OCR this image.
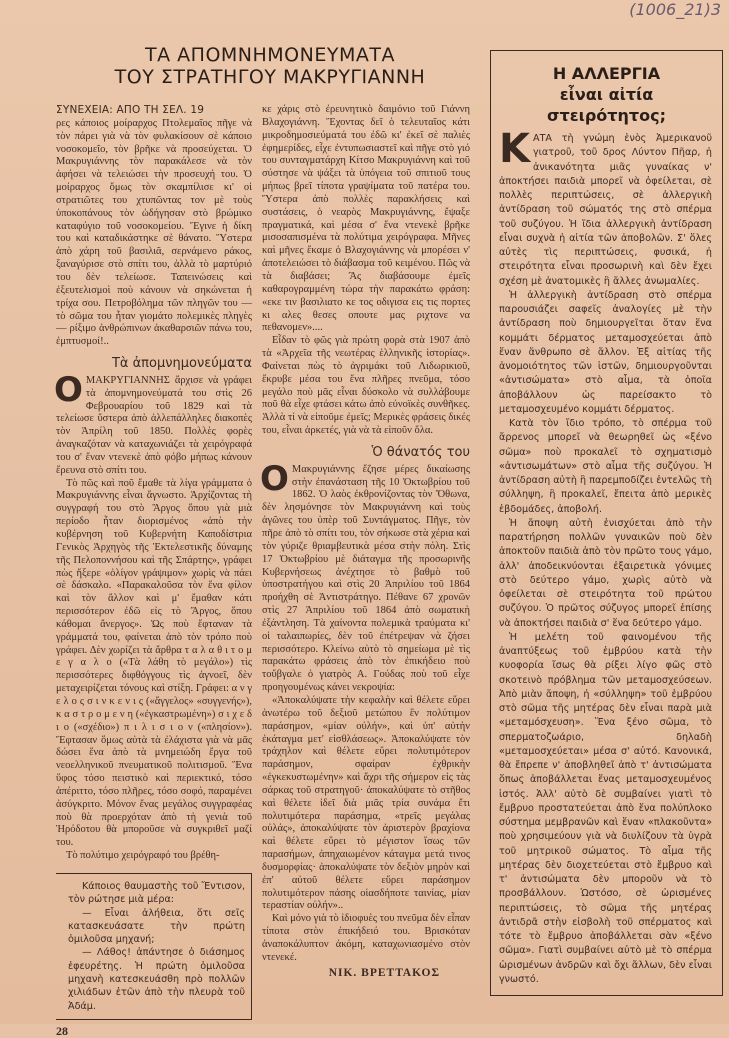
(1006_21)3
ΤΑ ΑΠΟΜΝΗΜΟΝΕΥΜΑΤΑ
ΤΟΥ ΣΤΡΑΤΗΓΟΥ ΜΑΚΡΥΓΙΑΝΝΗ
ΣΥΝΕΧΕΙΑ: ΑΠΟ ΤΗ ΣΕΛ. 19

ρες κάποιος μοίραρχος Πτολεμαῖος πῆγε νὰ τὸν πάρει γιὰ νὰ τὸν φυλακίσουν σὲ κάποιο νοσοκομεῖο, τὸν βρῆκε νὰ προσεύχεται. Ὁ Μακρυγιάννης τὸν παρακάλεσε νὰ τὸν ἀφήσει νὰ τελειώσει τὴν προσευχή του. Ὁ μοίραρχος ὅμως τὸν σκαμπίλισε κι' οἱ στρατιῶτες του χτυπῶντας τον μὲ τοὺς ὑποκοπάνους τὸν ὡδήγησαν στὸ βρώμικο καταφύγιο τοῦ νοσοκομείου. Ἔγινε ἡ δίκη του καὶ καταδικάστηκε σὲ θάνατο. Ὕστερα ἀπὸ χάρη τοῦ βασιλιᾶ, σερνάμενο ράκος, ξαναγύρισε στὸ σπίτι του, ἀλλὰ τὸ μαρτύριό του δὲν τελείωσε. Ταπεινώσεις καὶ ἐξευτελισμοὶ ποὺ κάνουν νὰ σηκώνεται ἡ τρίχα σου. Πετροβόλημα τῶν πληγῶν του — τὸ σῶμα του ἦταν γιομάτο πολεμικὲς πληγὲς — ρίξιμο ἀνθρώπινων ἀκαθαρσιῶν πάνω του, ἐμπτυσμοί!..

Τὰ ἀπομνημονεύματα

ΟΜΑΚΡΥΓΙΑΝΝΗΣ ἄρχισε νὰ γράφει τὰ ἀπομνημονεύματά του στὶς 26 Φεβρουαρίου τοῦ 1829 καὶ τὰ τελείωσε ὕστερα ἀπὸ ἀλλεπάλληλες διακοπὲς τὸν Ἀπρίλη τοῦ 1850. Πολλὲς φορὲς ἀναγκαζόταν νὰ καταχωνιάζει τὰ χειρόγραφά του σ' ἕναν ντενεκὲ ἀπὸ φόβο μήπως κάνουν ἔρευνα στὸ σπίτι του.

Τὸ πῶς καὶ ποῦ ἔμαθε τὰ λίγα γράμματα ὁ Μακρυγιάννης εἶναι ἄγνωστο. Ἀρχίζοντας τὴ συγγραφή του στὸ Ἄργος ὅπου γιὰ μιὰ περίοδο ἦταν διορισμένος «ἀπὸ τὴν κυβέρνηση τοῦ Κυβερνήτη Καποδίστρια Γενικὸς Ἀρχηγὸς τῆς Ἐκτελεστικῆς δύναμης τῆς Πελοποννήσου καὶ τῆς Σπάρτης», γράφει πὼς ἤξερε «ὀλίγον γράψιμον» χωρὶς νὰ πάει σὲ δάσκαλο. «Παρακαλοῦσα τὸν ἕνα φίλον καὶ τὸν ἄλλον καὶ μ' ἔμαθαν κάτι περισσότερον ἐδῶ εἰς τὸ Ἄργος, ὅπου κάθομαι ἄνεργος». Ὡς ποὺ ἔφταναν τὰ γράμματά του, φαίνεται ἀπὸ τὸν τρόπο ποὺ γράφει. Δὲν χωρίζει τὰ ἄρθρα τ α λ α θ ι τ ο μ ε γ α λ ο («Τὰ λάθη τὸ μεγάλο») τὶς περισσότερες διφθόγγους τὶς ἀγνοεῖ, δὲν μεταχειρίζεται τόνους καὶ στίξη. Γράφει: α ν γ ε λ ο ς σ ι ν κ ε ν ι ς («ἄγγελος» «συγγενής»), κ α σ τ ρ ο μ ε ν η («ἐγκαστρωμένη») σ ι χ ε δ ι ο («σχέδιο») π ι λ ι σ ι ο ν («πλησίον»). Ἔφτασαν ὅμως αὐτὰ τὰ ἐλάχιστα γιὰ νὰ μᾶς δώσει ἕνα ἀπὸ τὰ μνημειώδη ἔργα τοῦ νεοελληνικοῦ πνευματικοῦ πολιτισμοῦ. Ἕνα ὕφος τόσο πειστικὸ καὶ περιεκτικό, τόσο ἀπέριττο, τόσο πλῆρες, τόσο σοφό, παραμένει ἀσύγκριτο. Μόνον ἕνας μεγάλος συγγραφέας ποὺ θὰ προερχόταν ἀπὸ τὴ γενιὰ τοῦ Ἡρόδοτου θὰ μποροῦσε νὰ συγκριθεῖ μαζί του.

Τὸ πολύτιμο χειρόγραφό του βρέθη-

Κάποιος θαυμαστὴς τοῦ Ἔντισον, τὸν ρώτησε μιὰ μέρα:

— Εἶναι ἀλήθεια, ὅτι σεῖς κατασκευάσατε τὴν πρώτη ὁμιλοῦσα μηχανή;

— Λάθος! ἀπάντησε ὁ διάσημος ἐφευρέτης. Ἡ πρώτη ὁμιλοῦσα μηχανὴ κατεσκευάσθη πρὸ πολλῶν χιλιάδων ἐτῶν ἀπὸ τὴν πλευρὰ τοῦ Ἀδάμ.

28

κε χάρις στὸ ἐρευνητικὸ δαιμόνιο τοῦ Γιάννη Βλαχογιάννη. Ἔχοντας δεῖ ὁ τελευταῖος κάτι μικροδημοσιεύματά του ἐδῶ κι' ἐκεῖ σὲ παλιὲς ἐφημερίδες, εἶχε ἐντυπωσιαστεῖ καὶ πῆγε στὸ γιό του συνταγματάρχη Κίτσο Μακρυγιάννη καὶ τοῦ σύστησε νὰ ψάξει τὰ ὑπόγεια τοῦ σπιτιοῦ τους μήπως βρεῖ τίποτα γραψίματα τοῦ πατέρα του. Ὕστερα ἀπὸ πολλὲς παρακλήσεις καὶ συστάσεις, ὁ νεαρὸς Μακρυγιάννης, ἔψαξε πραγματικά, καὶ μέσα σ' ἕνα ντενεκὲ βρῆκε μισοσαπισμένα τὰ πολύτιμα χειρόγραφα. Μῆνες καὶ μῆνες ἔκαμε ὁ Βλαχογιάννης νὰ μπορέσει ν' ἀποτελειώσει τὸ διάβασμα τοῦ κειμένου. Πῶς νὰ τὰ διαβάσει; Ἂς διαβάσουμε ἐμεῖς καθαρογραμμένη τώρα τὴν παρακάτω φράση: «εκε τιν βασιλιατο κε τος οδιγισα εις τις πορτες κι αλες θεσες οπουτε μας ριχτονε να πεθανομεν»....

Εἶδαν τὸ φῶς γιὰ πρώτη φορὰ στὰ 1907 ἀπὸ τὰ «Ἀρχεῖα τῆς νεωτέρας ἑλληνικῆς ἱστορίας». Φαίνεται πὼς τὸ ἀγριμάκι τοῦ Λιδωρικιοῦ, ἔκρυβε μέσα του ἕνα πλῆρες πνεῦμα, τόσο μεγάλο ποὺ μᾶς εἶναι δύσκολο νὰ συλλάβουμε ποῦ θὰ εἶχε φτάσει κάτω ἀπὸ εὐνοϊκὲς συνθῆκες. Ἀλλὰ τί νὰ εἰποῦμε ἐμεῖς; Μερικὲς φράσεις δικές του, εἶναι ἀρκετές, γιὰ νὰ τὰ εἰποῦν ὅλα.

Ὁ θάνατός του

Ο Μακρυγιάννης ἔζησε μέρες δικαίωσης στὴν ἐπανάσταση τῆς 10 Ὀκτωβρίου τοῦ 1862. Ὁ λαὸς ἐκθρονίζοντας τὸν Ὄθωνα, δὲν λησμόνησε τὸν Μακρυγιάννη καὶ τοὺς ἀγῶνες του ὑπὲρ τοῦ Συντάγματος. Πῆγε, τὸν πῆρε ἀπὸ τὸ σπίτι του, τὸν σήκωσε στὰ χέρια καὶ τὸν γύριζε θριαμβευτικὰ μέσα στὴν πόλη. Στὶς 17 Ὀκτωβρίου μὲ διάταγμα τῆς προσωρινῆς Κυβερνήσεως ἀνέχτησε τὸ βαθμὸ τοῦ ὑποστρατήγου καὶ στὶς 20 Ἀπριλίου τοῦ 1864 προήχθη σὲ Ἀντιστράτηγο. Πέθανε 67 χρονῶν στὶς 27 Ἀπριλίου τοῦ 1864 ἀπὸ σωματικὴ ἐξάντληση. Τὰ χαίνοντα πολεμικὰ τραύματα κι' οἱ ταλαιπωρίες, δὲν τοῦ ἐπέτρεψαν νὰ ζήσει περισσότερο. Κλείνω αὐτὸ τὸ σημείωμα μὲ τὶς παρακάτω φράσεις ἀπὸ τὸν ἐπικήδειο ποὺ τοὔβγαλε ὁ γιατρὸς Α. Γούδας ποὺ τοῦ εἶχε προηγουμένως κάνει νεκροψία:

«Ἀποκαλύψατε τὴν κεφαλὴν καὶ θέλετε εὕρει ἀνωτέρω τοῦ δεξιοῦ μετώπου ἓν πολύτιμον παράσημον, «μίαν οὐλήν», καὶ ὑπ' αὐτὴν ἐκάταγμα μετ' εἰσθλάσεως». Ἀποκαλύψατε τὸν τράχηλον καὶ θέλετε εὕρει πολυτιμότερον παράσημον, σφαίραν ἐχθρικὴν «ἐγκεκυστωμένην» καὶ ἄχρι τῆς σήμερον εἰς τὰς σάρκας τοῦ στρατηγοῦ· ἀποκαλύψατε τὸ στῆθος καὶ θέλετε ἰδεῖ διὰ μιᾶς τρία συνάμα ἔτι πολυτιμότερα παράσημα, «τρεῖς μεγάλας οὐλάς», ἀποκαλύψατε τὸν ἀριστερὸν βραχίονα καὶ θέλετε εὕρει τὸ μέγιστον ἴσως τῶν παρασήμων, ἀπηχαιωμένον κάταγμα μετά τινος δυσμορφίας· ἀποκαλύψατε τὸν δεξιὸν μηρὸν καὶ ἐπ' αὐτοῦ θέλετε εὕρει παράσημον πολυτιμότερον πάσης οἱασδήποτε ταινίας, μίαν τεραστίαν οὐλήν»..

Καὶ μόνο γιὰ τὸ ἰδιοφυὲς του πνεῦμα δὲν εἶπαν τίποτα στὸν ἐπικήδειό του. Βρισκόταν ἀναποκάλυπτον ἀκόμη, καταχωνιασμένο στὸν ντενεκέ.

ΝΙΚ. ΒΡΕΤΤΑΚΟΣ
Η ΑΛΛΕΡΓΙΑ
εἶναι αἰτία
στειρότητος;

ΚΑΤΑ τὴ γνώμη ἑνὸς Ἀμερικανοῦ γιατροῦ, τοῦ δρος Λύντον Πῆαρ, ἡ ἀνικανότητα μιᾶς γυναίκας ν' ἀποκτήσει παιδιὰ μπορεῖ νὰ ὀφείλεται, σὲ πολλὲς περιπτώσεις, σὲ ἀλλεργικὴ ἀντίδραση τοῦ σώματός της στὸ σπέρμα τοῦ συζύγου. Ἡ ἴδια ἀλλεργικὴ ἀντίδραση εἶναι συχνὰ ἡ αἰτία τῶν ἀποβολῶν. Σ' ὅλες αὐτὲς τὶς περιπτώσεις, φυσικά, ἡ στειρότητα εἶναι προσωρινὴ καὶ δὲν ἔχει σχέση μὲ ἀνατομικὲς ἢ ἄλλες ἀνωμαλίες.

Ἡ ἀλλεργικὴ ἀντίδραση στὸ σπέρμα παρουσιάζει σαφεῖς ἀναλογίες μὲ τὴν ἀντίδραση ποὺ δημιουργεῖται ὅταν ἕνα κομμάτι δέρματος μεταμοσχεύεται ἀπὸ ἕναν ἄνθρωπο σὲ ἄλλον. Ἐξ αἰτίας τῆς ἀνομοιότητος τῶν ἱστῶν, δημιουργοῦνται «ἀντισώματα» στὸ αἷμα, τὰ ὁποῖα ἀποβάλλουν ὡς παρείσακτο τὸ μεταμοσχευμένο κομμάτι δέρματος.

Κατὰ τὸν ἴδιο τρόπο, τὸ σπέρμα τοῦ ἄρρενος μπορεῖ νὰ θεωρηθεῖ ὡς «ξένο σῶμα» ποὺ προκαλεῖ τὸ σχηματισμὸ «ἀντισωμάτων» στὸ αἷμα τῆς συζύγου. Ἡ ἀντίδραση αὐτὴ ἢ παρεμποδίζει ἐντελῶς τὴ σύλληψη, ἢ προκαλεῖ, ἔπειτα ἀπὸ μερικὲς ἑβδομάδες, ἀποβολή.

Ἡ ἄποψη αὐτὴ ἐνισχύεται ἀπὸ τὴν παρατήρηση πολλῶν γυναικῶν ποὺ δὲν ἀποκτοῦν παιδιὰ ἀπὸ τὸν πρῶτο τους γάμο, ἀλλ' ἀποδεικνύονται ἐξαιρετικὰ γόνιμες στὸ δεύτερο γάμο, χωρὶς αὐτὸ νὰ ὀφείλεται σὲ στειρότητα τοῦ πρώτου συζύγου. Ὁ πρῶτος σύζυγος μπορεῖ ἐπίσης νὰ ἀποκτήσει παιδιὰ σ' ἕνα δεύτερο γάμο.

Ἡ μελέτη τοῦ φαινομένου τῆς ἀναπτύξεως τοῦ ἐμβρύου κατὰ τὴν κυοφορία ἴσως θὰ ρίξει λίγο φῶς στὸ σκοτεινὸ πρόβλημα τῶν μεταμοσχεύσεων. Ἀπὸ μιὰν ἄποψη, ἡ «σύλληψη» τοῦ ἐμβρύου στὸ σῶμα τῆς μητέρας δὲν εἶναι παρὰ μιὰ «μεταμόσχευση». Ἕνα ξένο σῶμα, τὸ σπερματοζωάριο, δηλαδὴ «μεταμοσχεύεται» μέσα σ' αὐτό. Κανονικά, θὰ ἔπρεπε ν' ἀποβληθεῖ ἀπὸ τ' ἀντισώματα ὅπως ἀποβάλλεται ἕνας μεταμοσχευμένος ἱστός. Ἀλλ' αὐτὸ δὲ συμβαίνει γιατὶ τὸ ἔμβρυο προστατεύεται ἀπὸ ἕνα πολύπλοκο σύστημα μεμβρανῶν καὶ ἕναν «πλακοῦντα» ποὺ χρησιμεύουν γιὰ νὰ διυλίζουν τὰ ὑγρὰ τοῦ μητρικοῦ σώματος. Τὸ αἷμα τῆς μητέρας δὲν διοχετεύεται στὸ ἔμβρυο καὶ τ' ἀντισώματα δὲν μποροῦν νὰ τὸ προσβάλλουν. Ὡστόσο, σὲ ὡρισμένες περιπτώσεις, τὸ σῶμα τῆς μητέρας ἀντιδρᾶ στὴν εἰσβολὴ τοῦ σπέρματος καὶ τότε τὸ ἔμβρυο ἀποβάλλεται σὰν «ξένο σῶμα». Γιατὶ συμβαίνει αὐτὸ μὲ τὸ σπέρμα ὡρισμένων ἀνδρῶν καὶ ὄχι ἄλλων, δὲν εἶναι γνωστό.
